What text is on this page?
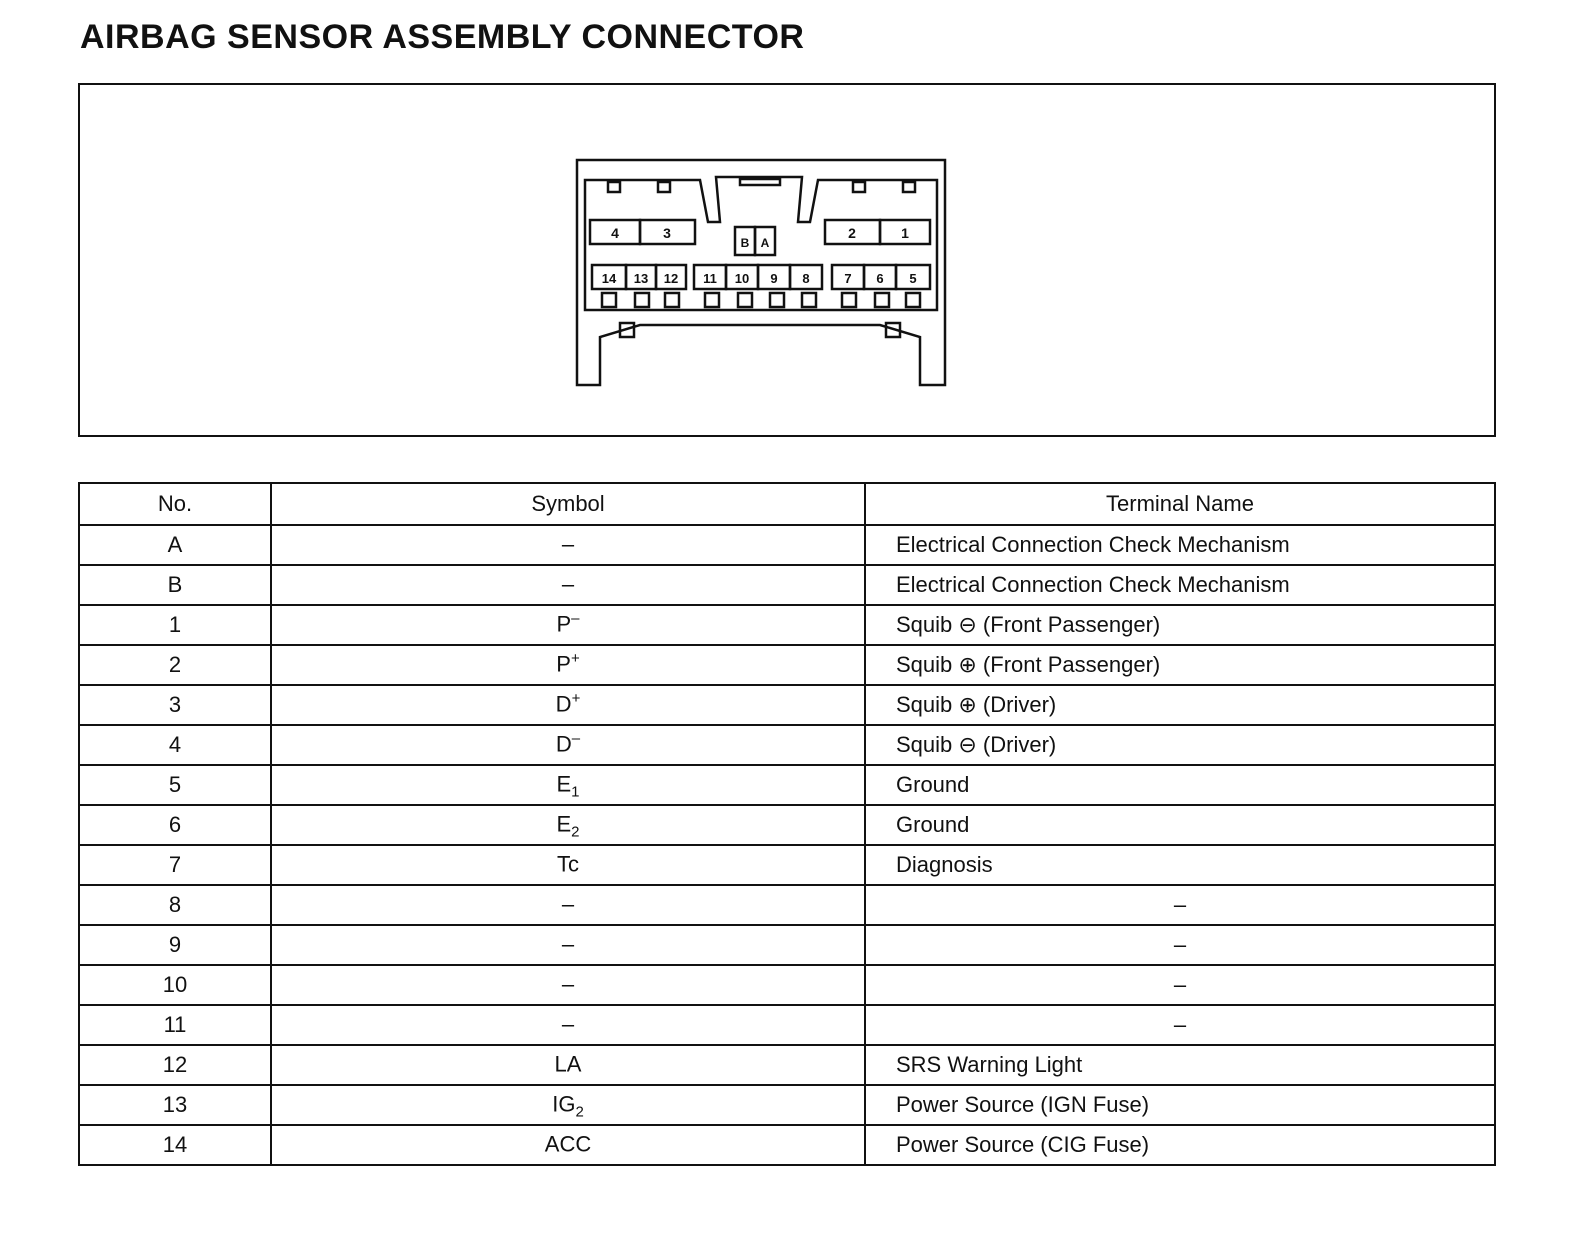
AIRBAG SENSOR ASSEMBLY CONNECTOR
4	3
B A
2	1
14 13 12 11 10 9 8	7 6 5
No.	Symbol	Terminal Name
A	–	Electrical Connection Check Mechanism
B	–	Electrical Connection Check Mechanism
1	P–	Squib ⊖ (Front Passenger)
2	P+	Squib ⊕ (Front Passenger)
3	D+	Squib ⊕ (Driver)
4	D–	Squib ⊖ (Driver)
5	$E_1$	Ground
6	$E_2$	Ground
7	Tc	Diagnosis
8	–	–
9	–	–
10	–	–
11	–	–
12	LA	SRS Warning Light
13	$IG_2$	Power Source (IGN Fuse)
14	ACC	Power Source (CIG Fuse)
